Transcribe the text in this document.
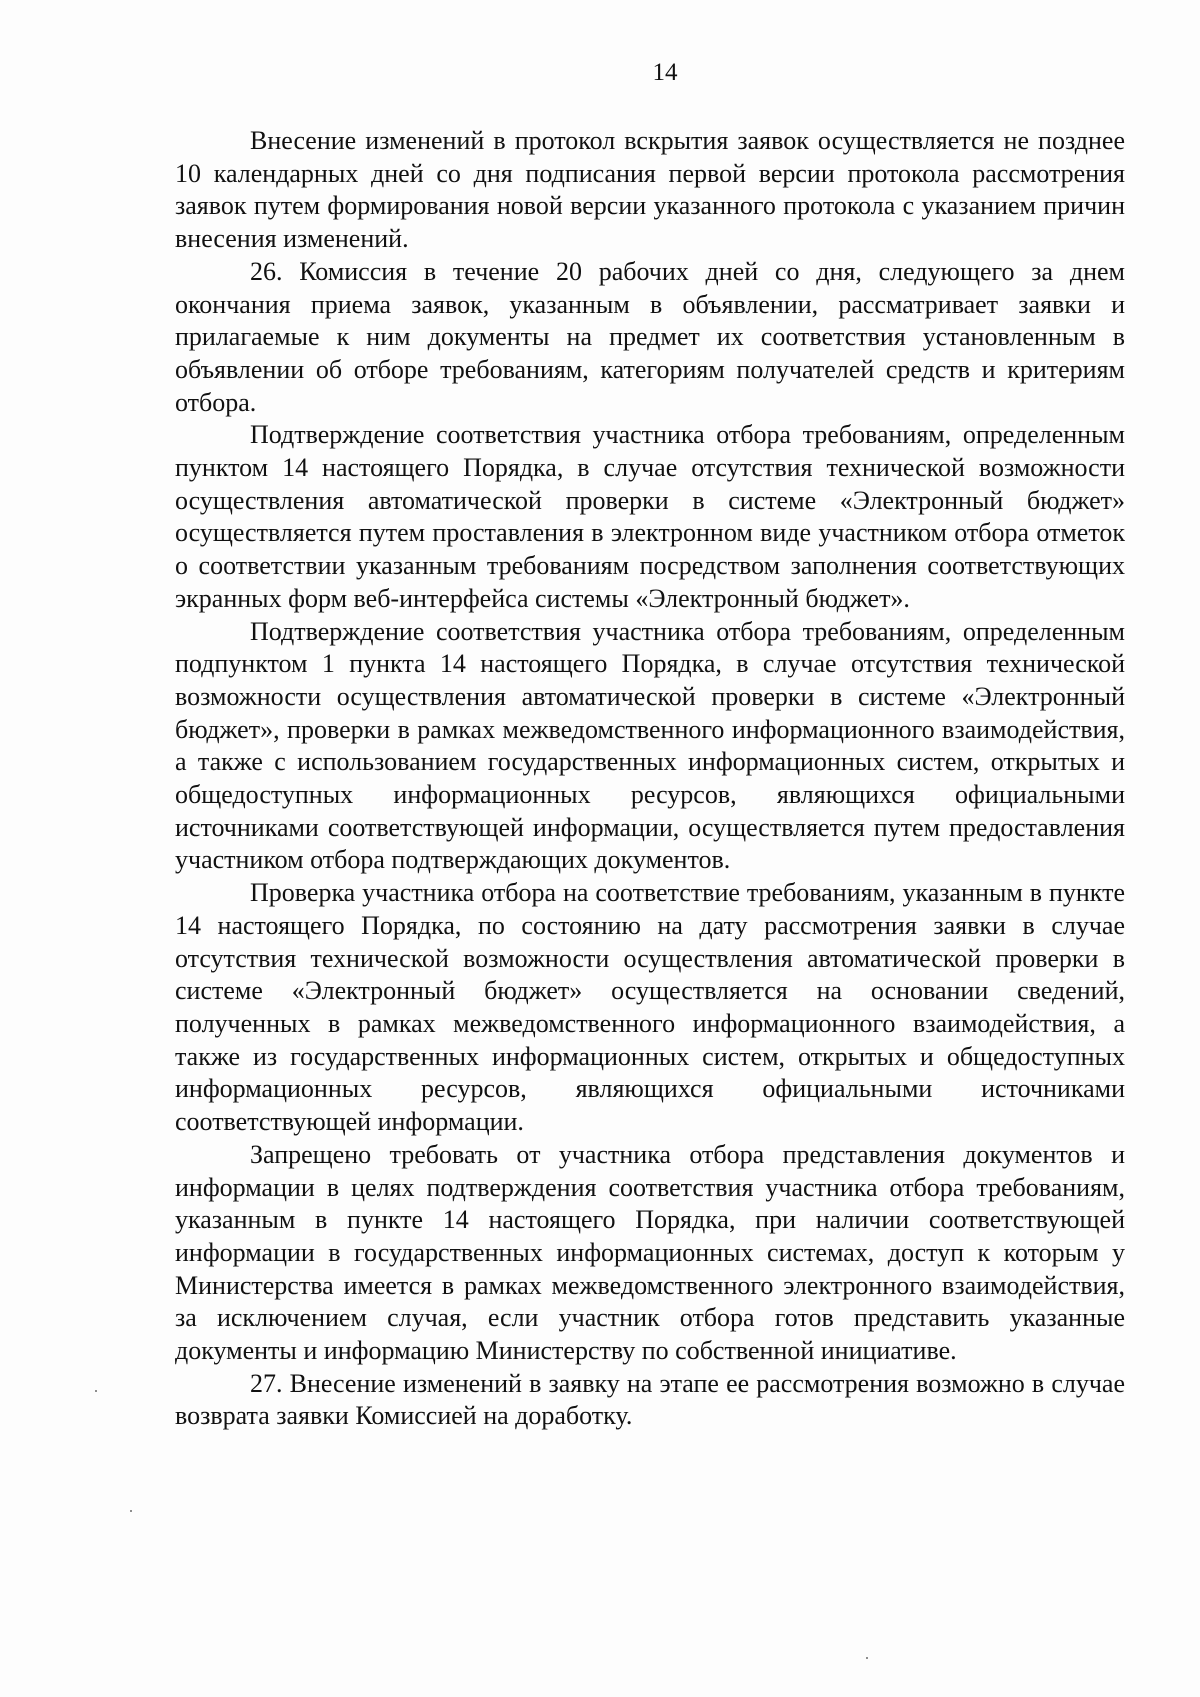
14

Внесение изменений в протокол вскрытия заявок осуществляется не позднее 10 календарных дней со дня подписания первой версии протокола рассмотрения заявок путем формирования новой версии указанного протокола с указанием причин внесения изменений.

26. Комиссия в течение 20 рабочих дней со дня, следующего за днем окончания приема заявок, указанным в объявлении, рассматривает заявки и прилагаемые к ним документы на предмет их соответствия установленным в объявлении об отборе требованиям, категориям получателей средств и критериям отбора.

Подтверждение соответствия участника отбора требованиям, определенным пунктом 14 настоящего Порядка, в случае отсутствия технической возможности осуществления автоматической проверки в системе «Электронный бюджет» осуществляется путем проставления в электронном виде участником отбора отметок о соответствии указанным требованиям посредством заполнения соответствующих экранных форм веб-интерфейса системы «Электронный бюджет».

Подтверждение соответствия участника отбора требованиям, определенным подпунктом 1 пункта 14 настоящего Порядка, в случае отсутствия технической возможности осуществления автоматической проверки в системе «Электронный бюджет», проверки в рамках межведомственного информационного взаимодействия, а также с использованием государственных информационных систем, открытых и общедоступных информационных ресурсов, являющихся официальными источниками соответствующей информации, осуществляется путем предоставления участником отбора подтверждающих документов.

Проверка участника отбора на соответствие требованиям, указанным в пункте 14 настоящего Порядка, по состоянию на дату рассмотрения заявки в случае отсутствия технической возможности осуществления автоматической проверки в системе «Электронный бюджет» осуществляется на основании сведений, полученных в рамках межведомственного информационного взаимодействия, а также из государственных информационных систем, открытых и общедоступных информационных ресурсов, являющихся официальными источниками соответствующей информации.

Запрещено требовать от участника отбора представления документов и информации в целях подтверждения соответствия участника отбора требованиям, указанным в пункте 14 настоящего Порядка, при наличии соответствующей информации в государственных информационных системах, доступ к которым у Министерства имеется в рамках межведомственного электронного взаимодействия, за исключением случая, если участник отбора готов представить указанные документы и информацию Министерству по собственной инициативе.

27. Внесение изменений в заявку на этапе ее рассмотрения возможно в случае возврата заявки Комиссией на доработку.
